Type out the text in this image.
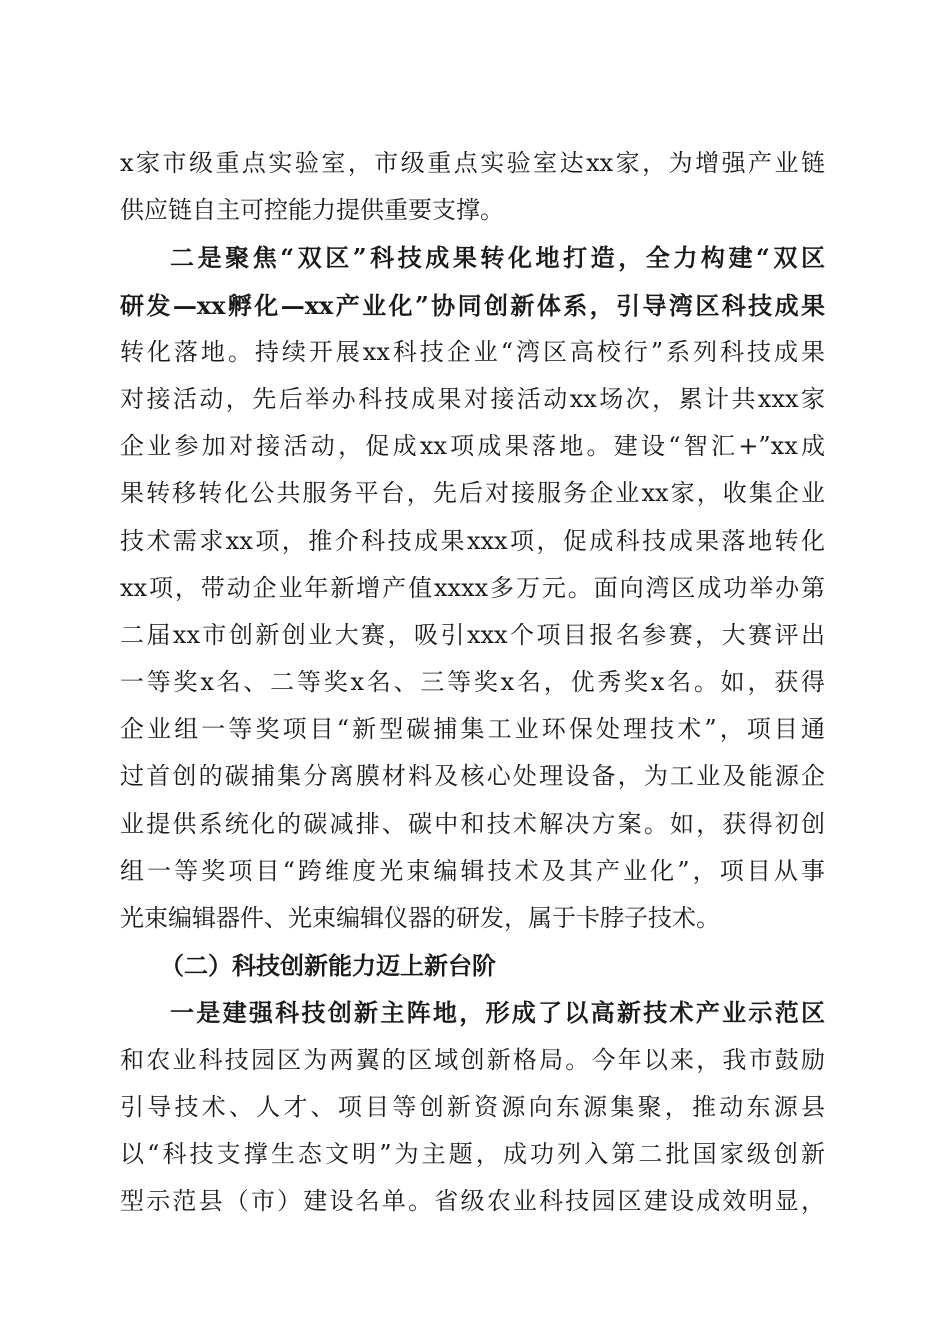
x家市级重点实验室，市级重点实验室达xx家，为增强产业链
供应链自主可控能力提供重要支撑。
二是聚焦“双区”科技成果转化地打造，全力构建“双区
研发—xx孵化—xx产业化”协同创新体系，引导湾区科技成果
转化落地。持续开展xx科技企业“湾区高校行”系列科技成果
对接活动，先后举办科技成果对接活动xx场次，累计共xxx家
企业参加对接活动，促成xx项成果落地。建设“智汇+”xx成
果转移转化公共服务平台，先后对接服务企业xx家，收集企业
技术需求xx项，推介科技成果xxx项，促成科技成果落地转化
xx项，带动企业年新增产值xxxx多万元。面向湾区成功举办第
二届xx市创新创业大赛，吸引xxx个项目报名参赛，大赛评出
一等奖x名、二等奖x名、三等奖x名，优秀奖x名。如，获得
企业组一等奖项目“新型碳捕集工业环保处理技术”，项目通
过首创的碳捕集分离膜材料及核心处理设备，为工业及能源企
业提供系统化的碳减排、碳中和技术解决方案。如，获得初创
组一等奖项目“跨维度光束编辑技术及其产业化”，项目从事
光束编辑器件、光束编辑仪器的研发，属于卡脖子技术。
（二）科技创新能力迈上新台阶
一是建强科技创新主阵地，形成了以高新技术产业示范区
和农业科技园区为两翼的区域创新格局。今年以来，我市鼓励
引导技术、人才、项目等创新资源向东源集聚，推动东源县
以“科技支撑生态文明”为主题，成功列入第二批国家级创新
型示范县（市）建设名单。省级农业科技园区建设成效明显，
